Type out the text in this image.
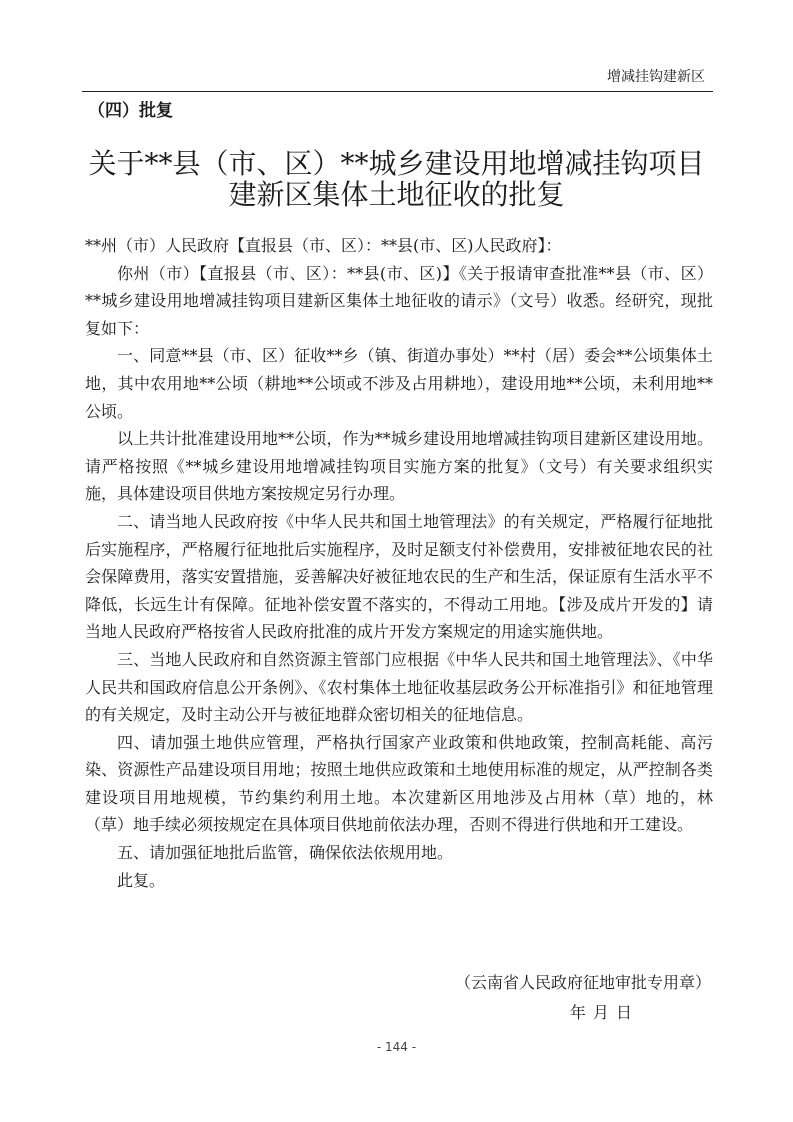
增减挂钩建新区
（四）批复
关于**县（市、区）**城乡建设用地增减挂钩项目
建新区集体土地征收的批复

**州（市）人民政府【直报县（市、区）：**县(市、区)人民政府】：

你州（市）【直报县（市、区）：**县(市、区)】《关于报请审查批准**县（市、区）**城乡建设用地增减挂钩项目建新区集体土地征收的请示》（文号）收悉。经研究，现批复如下：

一、同意**县（市、区）征收**乡（镇、街道办事处）**村（居）委会**公顷集体土地，其中农用地**公顷（耕地**公顷或不涉及占用耕地），建设用地**公顷，未利用地**公顷。

以上共计批准建设用地**公顷，作为**城乡建设用地增减挂钩项目建新区建设用地。请严格按照《**城乡建设用地增减挂钩项目实施方案的批复》（文号）有关要求组织实施，具体建设项目供地方案按规定另行办理。

二、请当地人民政府按《中华人民共和国土地管理法》的有关规定，严格履行征地批后实施程序，严格履行征地批后实施程序，及时足额支付补偿费用，安排被征地农民的社会保障费用，落实安置措施，妥善解决好被征地农民的生产和生活，保证原有生活水平不降低，长远生计有保障。征地补偿安置不落实的，不得动工用地。【涉及成片开发的】请当地人民政府严格按省人民政府批准的成片开发方案规定的用途实施供地。

三、当地人民政府和自然资源主管部门应根据《中华人民共和国土地管理法》、《中华人民共和国政府信息公开条例》、《农村集体土地征收基层政务公开标准指引》和征地管理的有关规定，及时主动公开与被征地群众密切相关的征地信息。

四、请加强土地供应管理，严格执行国家产业政策和供地政策，控制高耗能、高污染、资源性产品建设项目用地；按照土地供应政策和土地使用标准的规定，从严控制各类建设项目用地规模，节约集约利用土地。本次建新区用地涉及占用林（草）地的，林（草）地手续必须按规定在具体项目供地前依法办理，否则不得进行供地和开工建设。

五、请加强征地批后监管，确保依法依规用地。

此复。

（云南省人民政府征地审批专用章）
年 月 日
- 144 -
